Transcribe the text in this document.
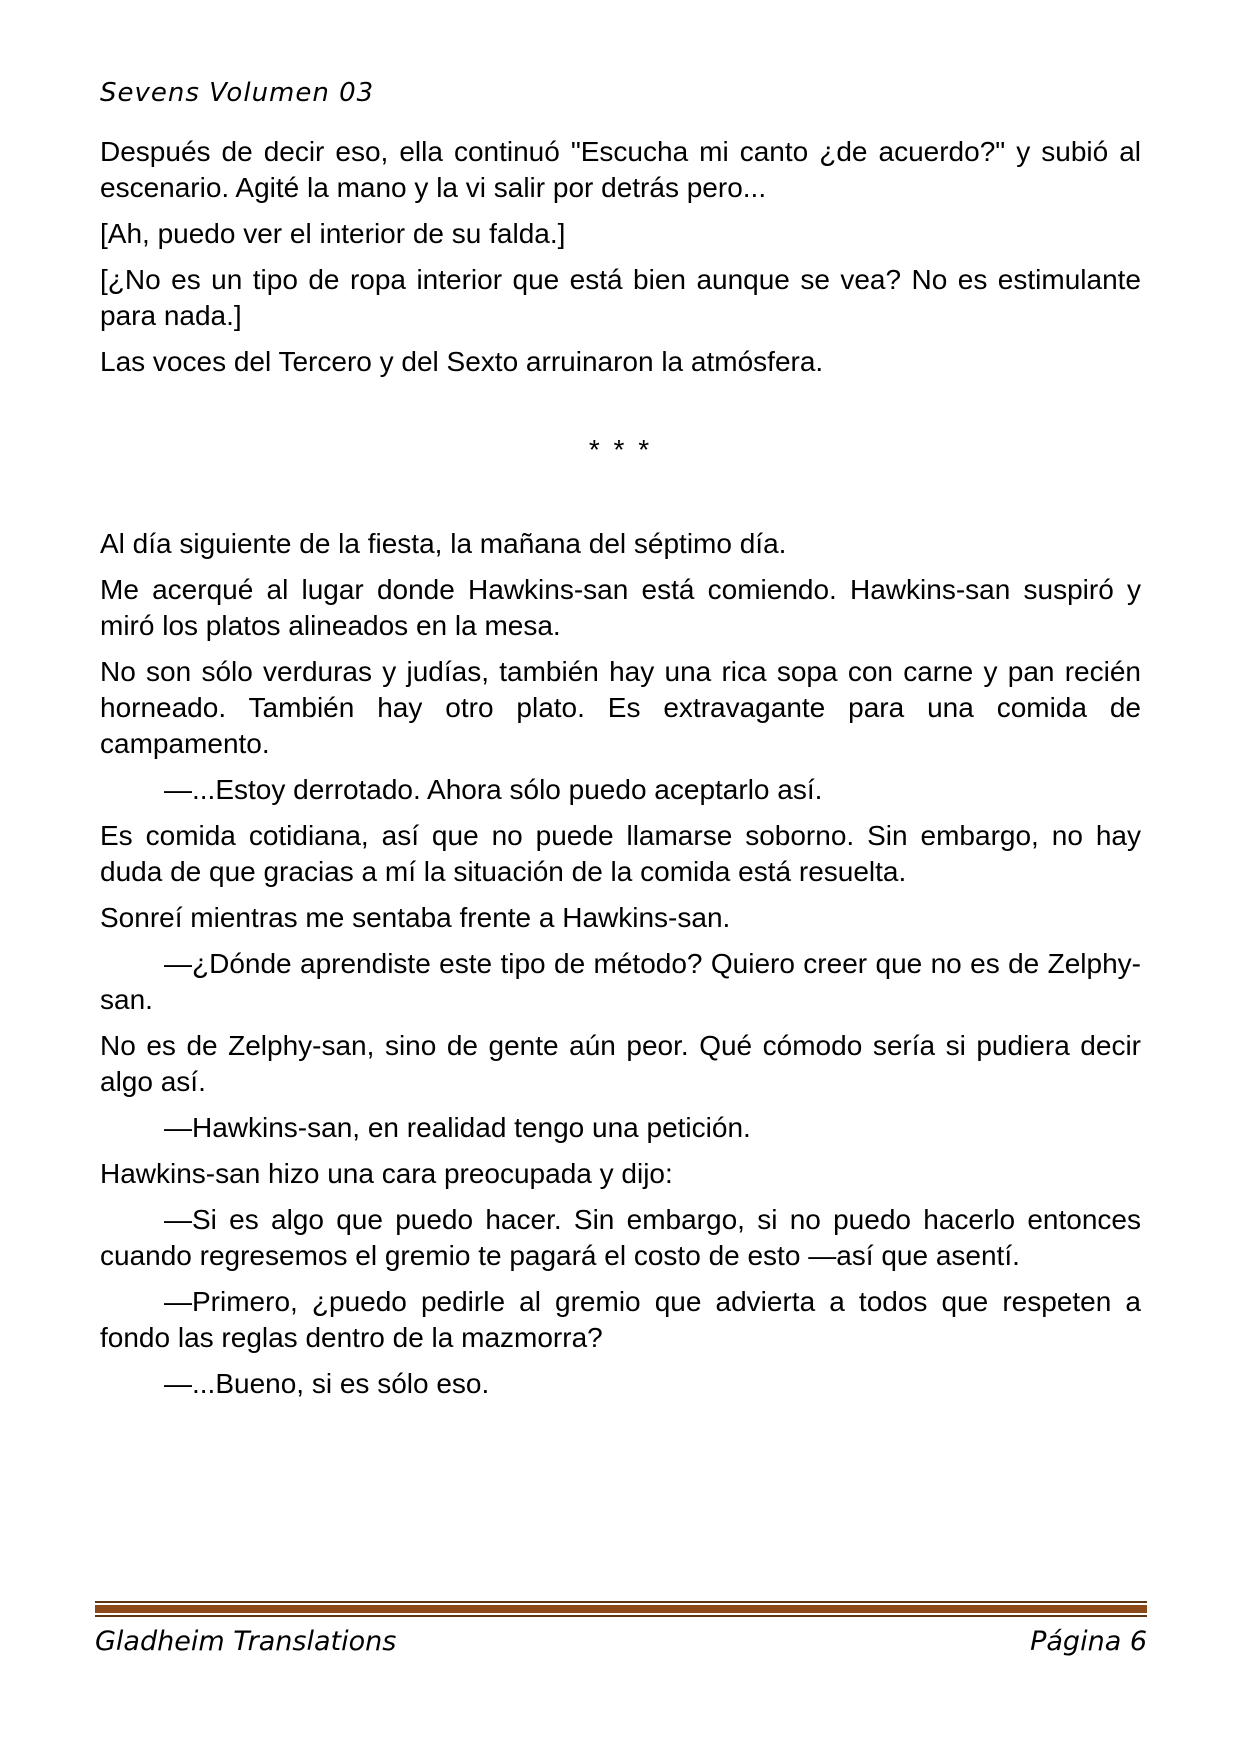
Sevens Volumen 03

Después de decir eso, ella continuó "Escucha mi canto ¿de acuerdo?" y subió al escenario. Agité la mano y la vi salir por detrás pero...

[Ah, puedo ver el interior de su falda.]

[¿No es un tipo de ropa interior que está bien aunque se vea? No es estimulante para nada.]

Las voces del Tercero y del Sexto arruinaron la atmósfera.

* * *

Al día siguiente de la fiesta, la mañana del séptimo día.

Me acerqué al lugar donde Hawkins-san está comiendo. Hawkins-san suspiró y miró los platos alineados en la mesa.

No son sólo verduras y judías, también hay una rica sopa con carne y pan recién horneado. También hay otro plato. Es extravagante para una comida de campamento.

—...Estoy derrotado. Ahora sólo puedo aceptarlo así.

Es comida cotidiana, así que no puede llamarse soborno. Sin embargo, no hay duda de que gracias a mí la situación de la comida está resuelta.

Sonreí mientras me sentaba frente a Hawkins-san.

—¿Dónde aprendiste este tipo de método? Quiero creer que no es de Zelphy-san.

No es de Zelphy-san, sino de gente aún peor. Qué cómodo sería si pudiera decir algo así.

—Hawkins-san, en realidad tengo una petición.

Hawkins-san hizo una cara preocupada y dijo:

—Si es algo que puedo hacer. Sin embargo, si no puedo hacerlo entonces cuando regresemos el gremio te pagará el costo de esto —así que asentí.

—Primero, ¿puedo pedirle al gremio que advierta a todos que respeten a fondo las reglas dentro de la mazmorra?

—...Bueno, si es sólo eso.

Gladheim Translations	Página 6
